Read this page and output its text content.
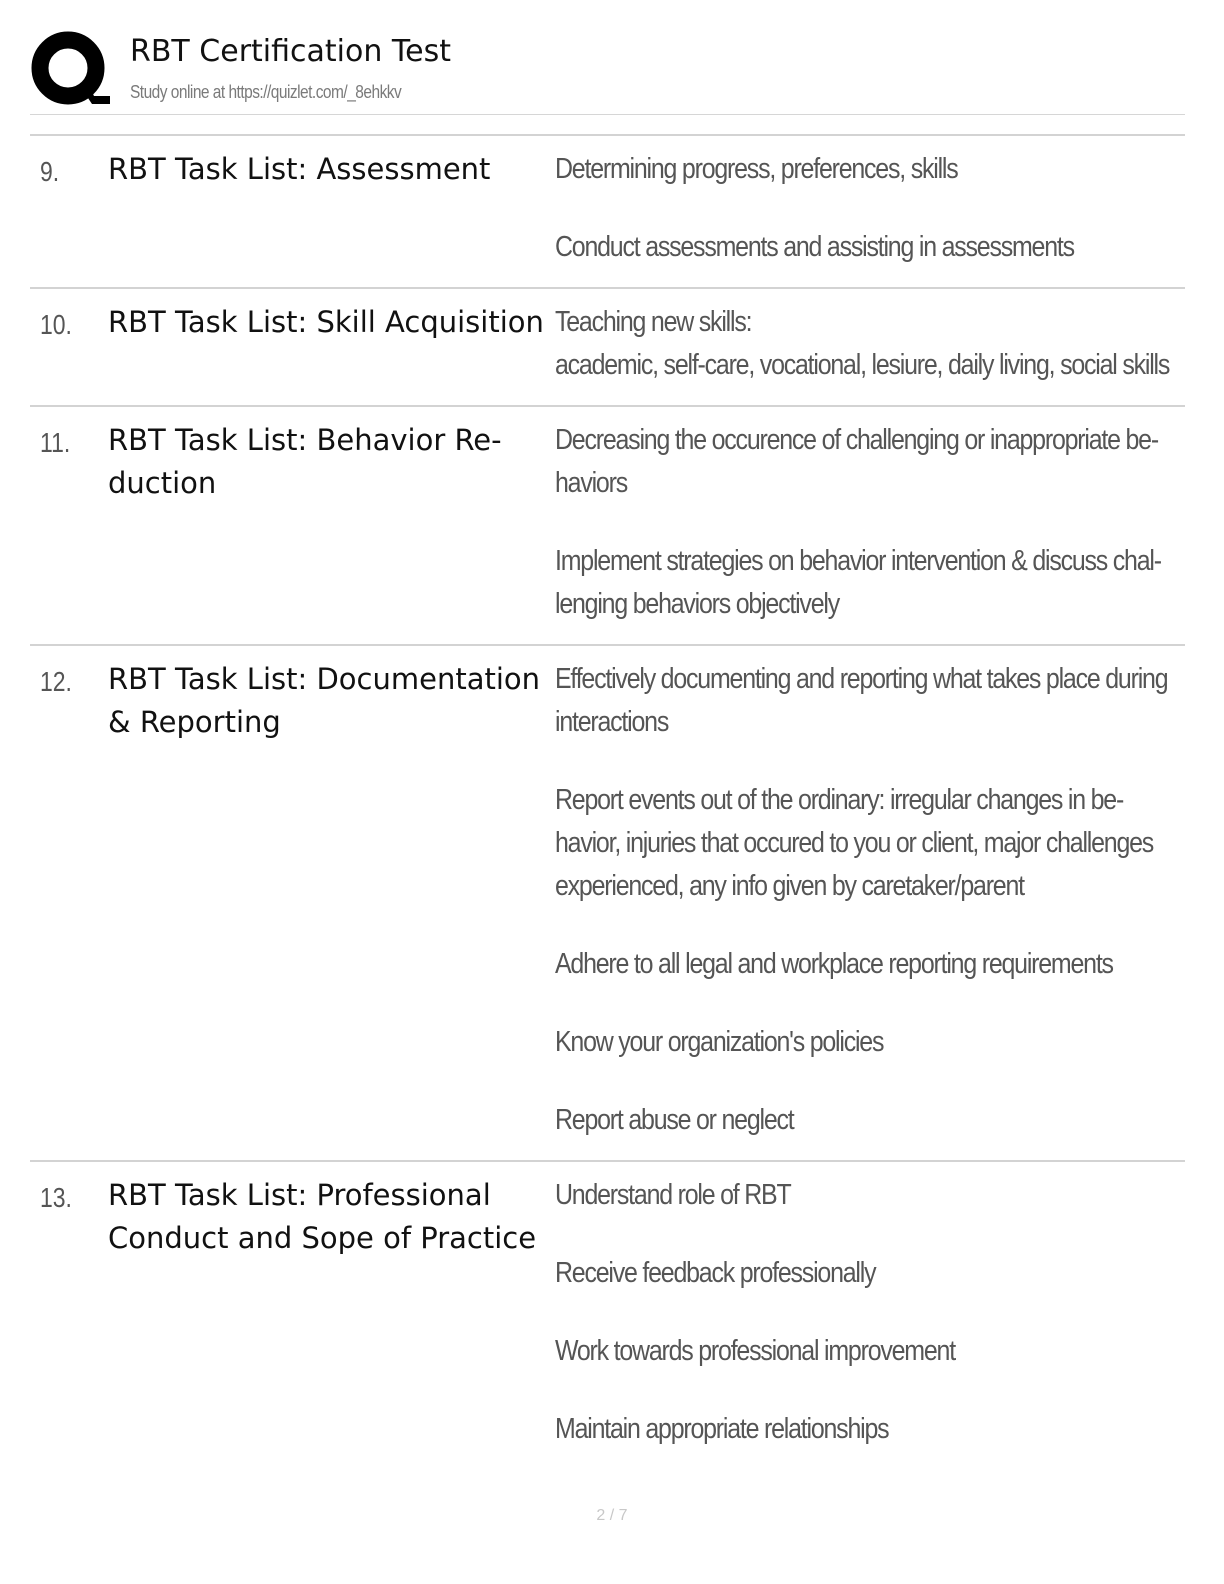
RBT Certification Test
Study online at https://quizlet.com/_8ehkkv
9. RBT Task List: Assessment	Determining progress, preferences, skills
Conduct assessments and assisting in assessments
10. RBT Task List: Skill Acquisition Teaching new skills:
academic, self-care, vocational, lesiure, daily living, social skills
11. RBT Task List: Behavior Re-
duction
Decreasing the occurence of challenging or inappropriate be-
haviors
Implement strategies on behavior intervention & discuss chal-
lenging behaviors objectively
12. RBT Task List: Documentation
& Reporting
Effectively documenting and reporting what takes place during
interactions
Report events out of the ordinary: irregular changes in be-
havior, injuries that occured to you or client, major challenges
experienced, any info given by caretaker/parent
Adhere to all legal and workplace reporting requirements
Know your organization's policies
Report abuse or neglect
13. RBT Task List: Professional
Conduct and Sope of Practice
Understand role of RBT
Receive feedback professionally
Work towards professional improvement
Maintain appropriate relationships
2 / 7
